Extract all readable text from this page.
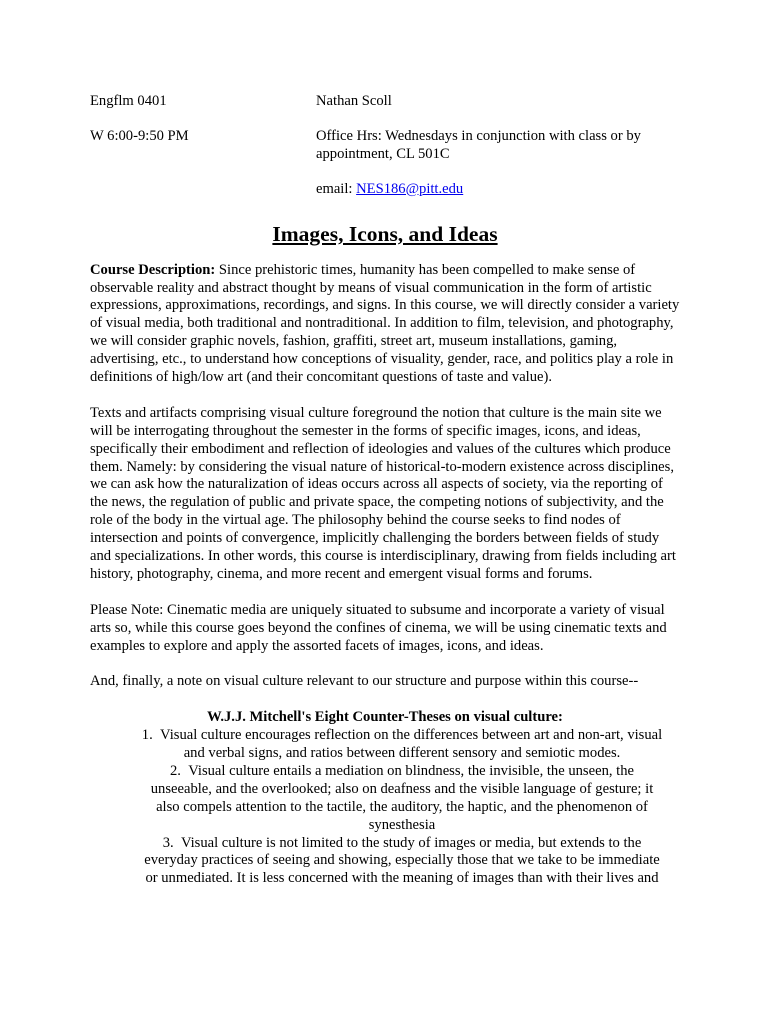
Engflm 0401	Nathan Scoll
W 6:00-9:50 PM	Office Hrs: Wednesdays in conjunction with class or by appointment, CL 501C
email: NES186@pitt.edu
Images, Icons, and Ideas

Course Description: Since prehistoric times, humanity has been compelled to make sense of observable reality and abstract thought by means of visual communication in the form of artistic expressions, approximations, recordings, and signs. In this course, we will directly consider a variety of visual media, both traditional and nontraditional. In addition to film, television, and photography, we will consider graphic novels, fashion, graffiti, street art, museum installations, gaming, advertising, etc., to understand how conceptions of visuality, gender, race, and politics play a role in definitions of high/low art (and their concomitant questions of taste and value).

Texts and artifacts comprising visual culture foreground the notion that culture is the main site we will be interrogating throughout the semester in the forms of specific images, icons, and ideas, specifically their embodiment and reflection of ideologies and values of the cultures which produce them. Namely: by considering the visual nature of historical-to-modern existence across disciplines, we can ask how the naturalization of ideas occurs across all aspects of society, via the reporting of the news, the regulation of public and private space, the competing notions of subjectivity, and the role of the body in the virtual age. The philosophy behind the course seeks to find nodes of intersection and points of convergence, implicitly challenging the borders between fields of study and specializations. In other words, this course is interdisciplinary, drawing from fields including art history, photography, cinema, and more recent and emergent visual forms and forums.

Please Note: Cinematic media are uniquely situated to subsume and incorporate a variety of visual arts so, while this course goes beyond the confines of cinema, we will be using cinematic texts and examples to explore and apply the assorted facets of images, icons, and ideas.

And, finally, a note on visual culture relevant to our structure and purpose within this course--

W.J.J. Mitchell's Eight Counter-Theses on visual culture:
1. Visual culture encourages reflection on the differences between art and non-art, visual and verbal signs, and ratios between different sensory and semiotic modes.
2. Visual culture entails a mediation on blindness, the invisible, the unseen, the unseeable, and the overlooked; also on deafness and the visible language of gesture; it also compels attention to the tactile, the auditory, the haptic, and the phenomenon of synesthesia
3. Visual culture is not limited to the study of images or media, but extends to the everyday practices of seeing and showing, especially those that we take to be immediate or unmediated. It is less concerned with the meaning of images than with their lives and
